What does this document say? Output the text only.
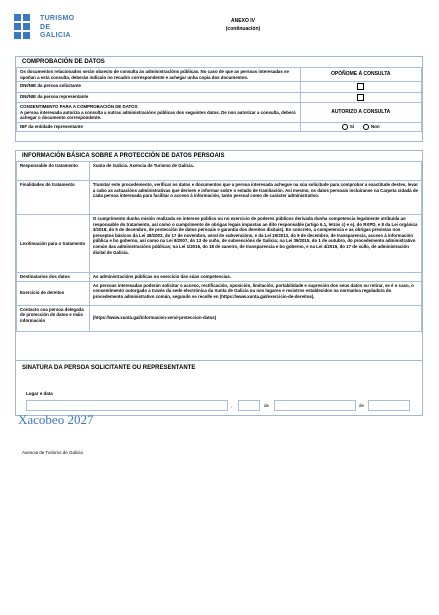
TURISMO
DE
GALICIA
ANEXO IV
(continuación)
COMPROBACIÓN DE DATOS
Os documentos relacionados serán obxecto de consulta ás administracións públicas. No caso de que as persoas interesadas se opoñan a esta consulta, deberán indicalo no recadro correspondente e achegar unha copia dos documentos.	OPÓÑOME Á CONSULTA
DNI/NIE da persoa solicitante	
DNI/NIE da persoa representante	

CONSENTIMENTO PARA A COMPROBACIÓN DE DATOS
A persoa interesada autoriza a consulta a outras administracións públicas dos seguintes datos. De non autorizar a consulta, deberá achegar o documento correspondente.	AUTORIZO A CONSULTA
NIF da entidade representante	Si Non
INFORMACIÓN BÁSICA SOBRE A PROTECCIÓN DE DATOS PERSOAIS
Responsable do tratamento	Xunta de Galicia. Axencia de Turismo de Galicia.
Finalidades do tratamento	Tramitar este procedemento, verificar os datos e documentos que a persoa interesada achegue na súa solicitude para comprobar a exactitude destes, levar a cabo as actuacións administrativas que deriven e informar sobre o estado de tramitación. Así mesmo, os datos persoais incluíranse na Carpeta cidadá de cada persoa interesada para facilitar o acceso á información, tanto persoal como de carácter administrativo.
Lexitimación para o tratamento	O cumprimento dunha misión realizada en interese público ou no exercicio de poderes públicos derivada dunha competencia legalmente atribuída ao responsable do tratamento, así como o cumprimento de obrigas legais impostas ao dito responsable (artigo 6.1, letras c) e e), do RXPD, e 8 da Lei orgánica 3/2018, do 5 de decembro, de protección de datos persoais e garantía dos dereitos dixitais). En concreto, a competencia e as obrigas previstas nos preceptos básicos da Lei 38/2003, do 17 de novembro, xeral de subvencións, e da Lei 19/2013, do 9 de decembro, de transparencia, acceso á información pública e bo goberno, así como na Lei 9/2007, do 13 de xuño, de subvencións de Galicia; na Lei 39/2015, do 1 de outubro, do procedemento administrativo común das administracións públicas; na Lei 1/2016, do 18 de xaneiro, de transparencia e bo goberno, e na Lei 4/2019, do 17 de xullo, de administración dixital de Galicia.
Destinatarios dos datos	As administracións públicas no exercicio das súas competencias.
Exercicio de dereitos	As persoas interesadas poderán solicitar o acceso, rectificación, oposición, limitación, portabilidade e supresión dos seus datos ou retirar, se é o caso, o consentimento outorgado a través da sede electrónica da Xunta de Galicia ou nos lugares e rexistros establecidos na normativa reguladora do procedemento administrativo común, segundo se recolle en (https://www.xunta.gal/exercicio-de-dereitos).
Contacto coa persoa delegada de protección de datos e máis información	(https://www.xunta.gal/informacion-xeral-proteccion-datos)
SINATURA DA PERSOA SOLICITANTE OU REPRESENTANTE
Lugar e data
,	de	de
Xacobeo 2027
Axencia de Turismo de Galicia
